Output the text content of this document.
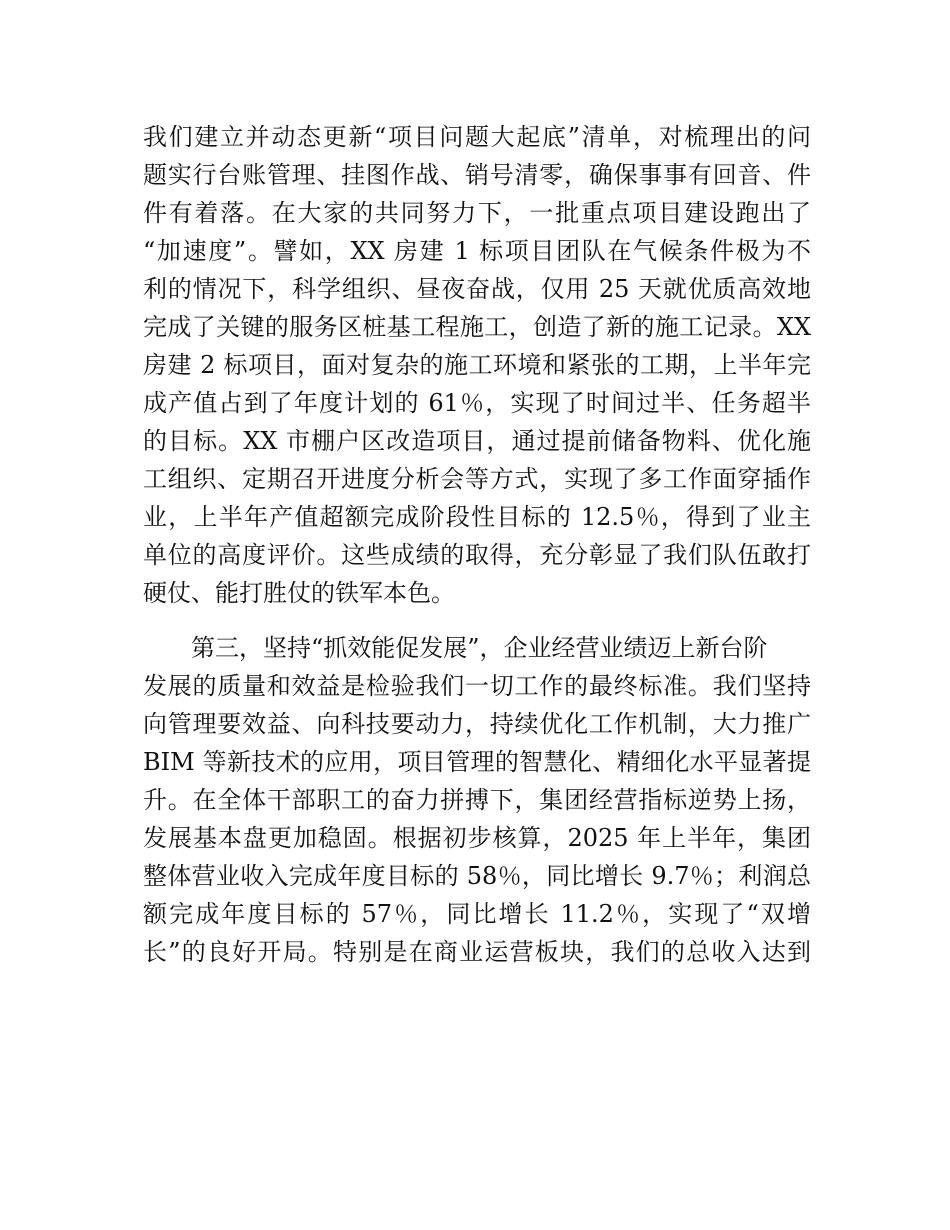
我们建立并动态更新“项目问题大起底”清单，对梳理出的问
题实行台账管理、挂图作战、销号清零，确保事事有回音、件
件有着落。在大家的共同努力下，一批重点项目建设跑出了
“加速度”。譬如，XX 房建 1 标项目团队在气候条件极为不
利的情况下，科学组织、昼夜奋战，仅用 25 天就优质高效地
完成了关键的服务区桩基工程施工，创造了新的施工记录。XX
房建 2 标项目，面对复杂的施工环境和紧张的工期，上半年完
成产值占到了年度计划的 61％，实现了时间过半、任务超半
的目标。XX 市棚户区改造项目，通过提前储备物料、优化施
工组织、定期召开进度分析会等方式，实现了多工作面穿插作
业，上半年产值超额完成阶段性目标的 12.5％，得到了业主
单位的高度评价。这些成绩的取得，充分彰显了我们队伍敢打
硬仗、能打胜仗的铁军本色。
第三，坚持“抓效能促发展”，企业经营业绩迈上新台阶
发展的质量和效益是检验我们一切工作的最终标准。我们坚持
向管理要效益、向科技要动力，持续优化工作机制，大力推广
BIM 等新技术的应用，项目管理的智慧化、精细化水平显著提
升。在全体干部职工的奋力拼搏下，集团经营指标逆势上扬，
发展基本盘更加稳固。根据初步核算，2025 年上半年，集团
整体营业收入完成年度目标的 58％，同比增长 9.7％；利润总
额完成年度目标的 57％，同比增长 11.2％，实现了“双增
长”的良好开局。特别是在商业运营板块，我们的总收入达到
